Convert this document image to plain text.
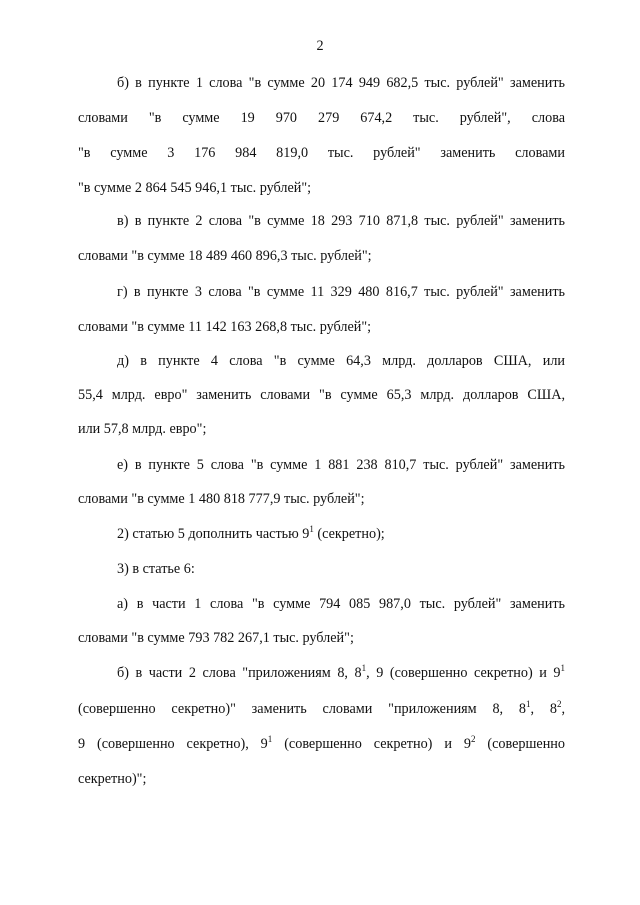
2
б) в пункте 1 слова "в сумме 20 174 949 682,5 тыс. рублей" заменить
словами "в сумме 19 970 279 674,2 тыс. рублей", слова
"в сумме 3 176 984 819,0 тыс. рублей" заменить словами
"в сумме 2 864 545 946,1 тыс. рублей";
в) в пункте 2 слова "в сумме 18 293 710 871,8 тыс. рублей" заменить
словами "в сумме 18 489 460 896,3 тыс. рублей";
г) в пункте 3 слова "в сумме 11 329 480 816,7 тыс. рублей" заменить
словами "в сумме 11 142 163 268,8 тыс. рублей";
д) в пункте 4 слова "в сумме 64,3 млрд. долларов США, или
55,4 млрд. евро" заменить словами "в сумме 65,3 млрд. долларов США,
или 57,8 млрд. евро";
е) в пункте 5 слова "в сумме 1 881 238 810,7 тыс. рублей" заменить
словами "в сумме 1 480 818 777,9 тыс. рублей";
2) статью 5 дополнить частью $9^1$ (секретно);
3) в статье 6:
а) в части 1 слова "в сумме 794 085 987,0 тыс. рублей" заменить
словами "в сумме 793 782 267,1 тыс. рублей";
б) в части 2 слова "приложениям 8, $8^1$, 9 (совершенно секретно) и $9^1$
(совершенно секретно)" заменить словами "приложениям 8, $8^1$, $8^2$,
9 (совершенно секретно), $9^1$ (совершенно секретно) и $9^2$ (совершенно
секретно)";
